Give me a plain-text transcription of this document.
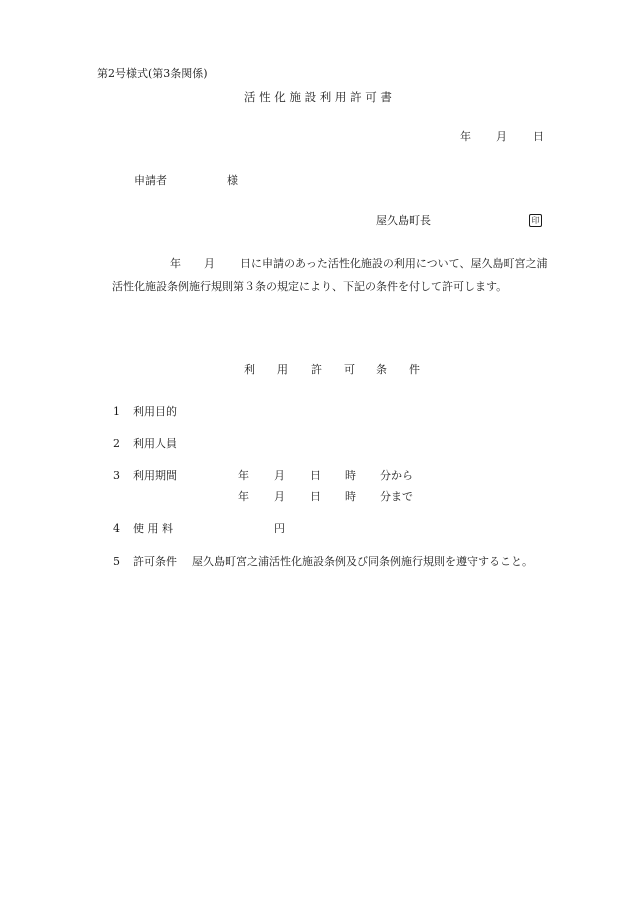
第2号様式(第3条関係)
活 性 化 施 設 利 用 許 可 書
年 月 日
申請者	様
屋久島町長	印
年 月 日に申請のあった活性化施設の利用について、屋久島町宮之浦
活性化施設条例施行規則第３条の規定により、下記の条件を付して許可します。
利 用 許 可 条 件
1 利用目的
2 利用人員
3 利用期間	年 月 日 時 分から
年 月 日 時 分まで
4 使 用 料	円
5 許可条件 屋久島町宮之浦活性化施設条例及び同条例施行規則を遵守すること。
